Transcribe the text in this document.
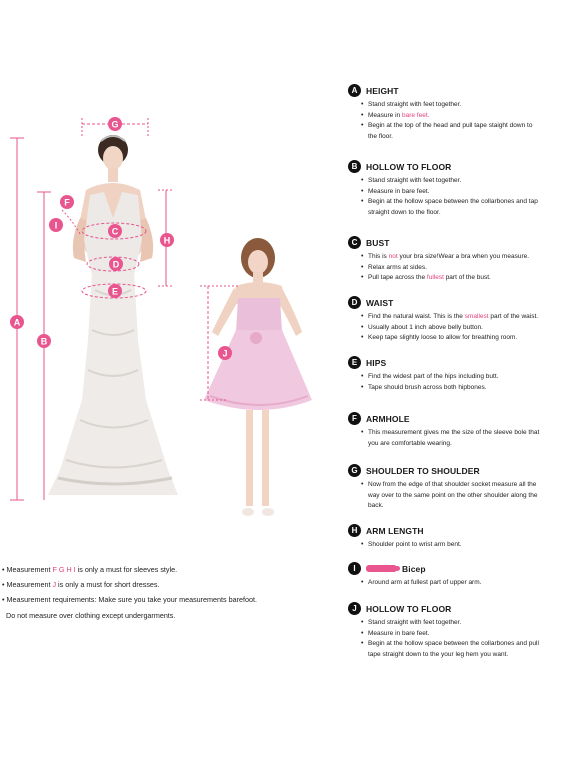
A
B
G
F
I
H
C
D
E
J
A	HEIGHT
• Stand straight with feet together.
• Measure in bare feet.
• Begin at the top of the head and pull tape staight down to
the floor.
B	HOLLOW TO FLOOR
• Stand straight with feet together.
• Measure in bare feet.
• Begin at the hollow space between the collarbones and tap
straight down to the floor.
C	BUST
• This is not your bra size!Wear a bra when you measure.
• Relax arms at sides.
• Pull tape across the fullest part of the bust.
D	WAIST
• Find the natural waist. This is the smallest part of the waist.
• Usually about 1 inch above belly button.
• Keep tape slightly loose to allow for breathing room.
E	HIPS
• Find the widest part of the hips including butt.
• Tape should brush across both hipbones.
F	ARMHOLE
• This measurement gives me the size of the sleeve bole that
you are comfortable wearing.
G SHOULDER TO SHOULDER
• Now from the edge of that shoulder socket measure all the
way over to the same point on the other shoulder along the
back.
H	ARM LENGTH
• Shoulder point to wrist arm bent.
I	Bicep
• Around arm at fullest part of upper arm.
J	HOLLOW TO FLOOR
• Stand straight with feet together.
• Measure in bare feet.
• Begin at the hollow space between the collarbones and pull
tape straight down to the your leg hem you want.
• Measurement F G H I is only a must for sleeves style.
• Measurement J is only a must for short dresses.
• Measurement requirements: Make sure you take your measurements barefoot.
Do not measure over clothing except undergarments.
